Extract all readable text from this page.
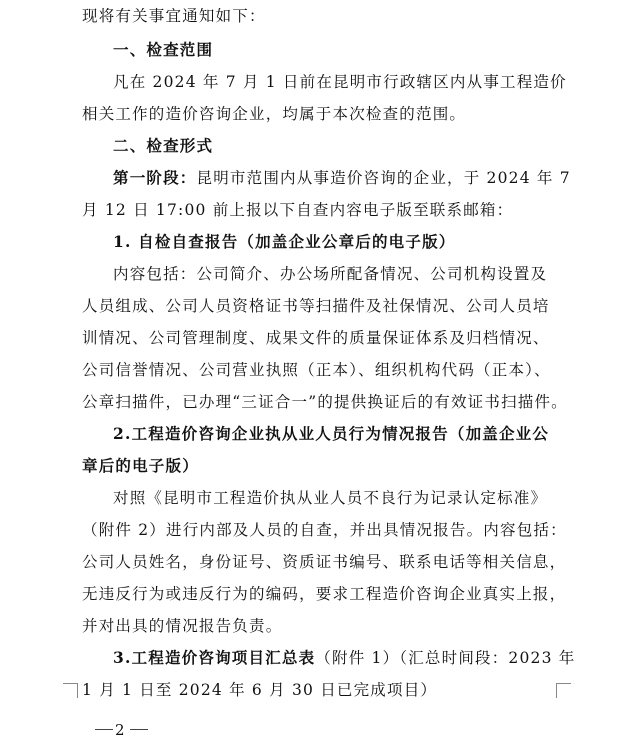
现将有关事宜通知如下：
一、检查范围
凡在 2024 年 7 月 1 日前在昆明市行政辖区内从事工程造价
相关工作的造价咨询企业，均属于本次检查的范围。
二、检查形式
第一阶段：昆明市范围内从事造价咨询的企业，于 2024 年 7
月 12 日 17:00 前上报以下自查内容电子版至联系邮箱：
1. 自检自查报告（加盖企业公章后的电子版）
内容包括：公司简介、办公场所配备情况、公司机构设置及
人员组成、公司人员资格证书等扫描件及社保情况、公司人员培
训情况、公司管理制度、成果文件的质量保证体系及归档情况、
公司信誉情况、公司营业执照（正本）、组织机构代码（正本）、
公章扫描件，已办理“三证合一”的提供换证后的有效证书扫描件。
2.工程造价咨询企业执从业人员行为情况报告（加盖企业公
章后的电子版）
对照《昆明市工程造价执从业人员不良行为记录认定标准》
（附件 2）进行内部及人员的自查，并出具情况报告。内容包括：
公司人员姓名，身份证号、资质证书编号、联系电话等相关信息，
无违反行为或违反行为的编码，要求工程造价咨询企业真实上报，
并对出具的情况报告负责。
3.工程造价咨询项目汇总表（附件 1）（汇总时间段：2023 年
1 月 1 日至 2024 年 6 月 30 日已完成项目）
2
